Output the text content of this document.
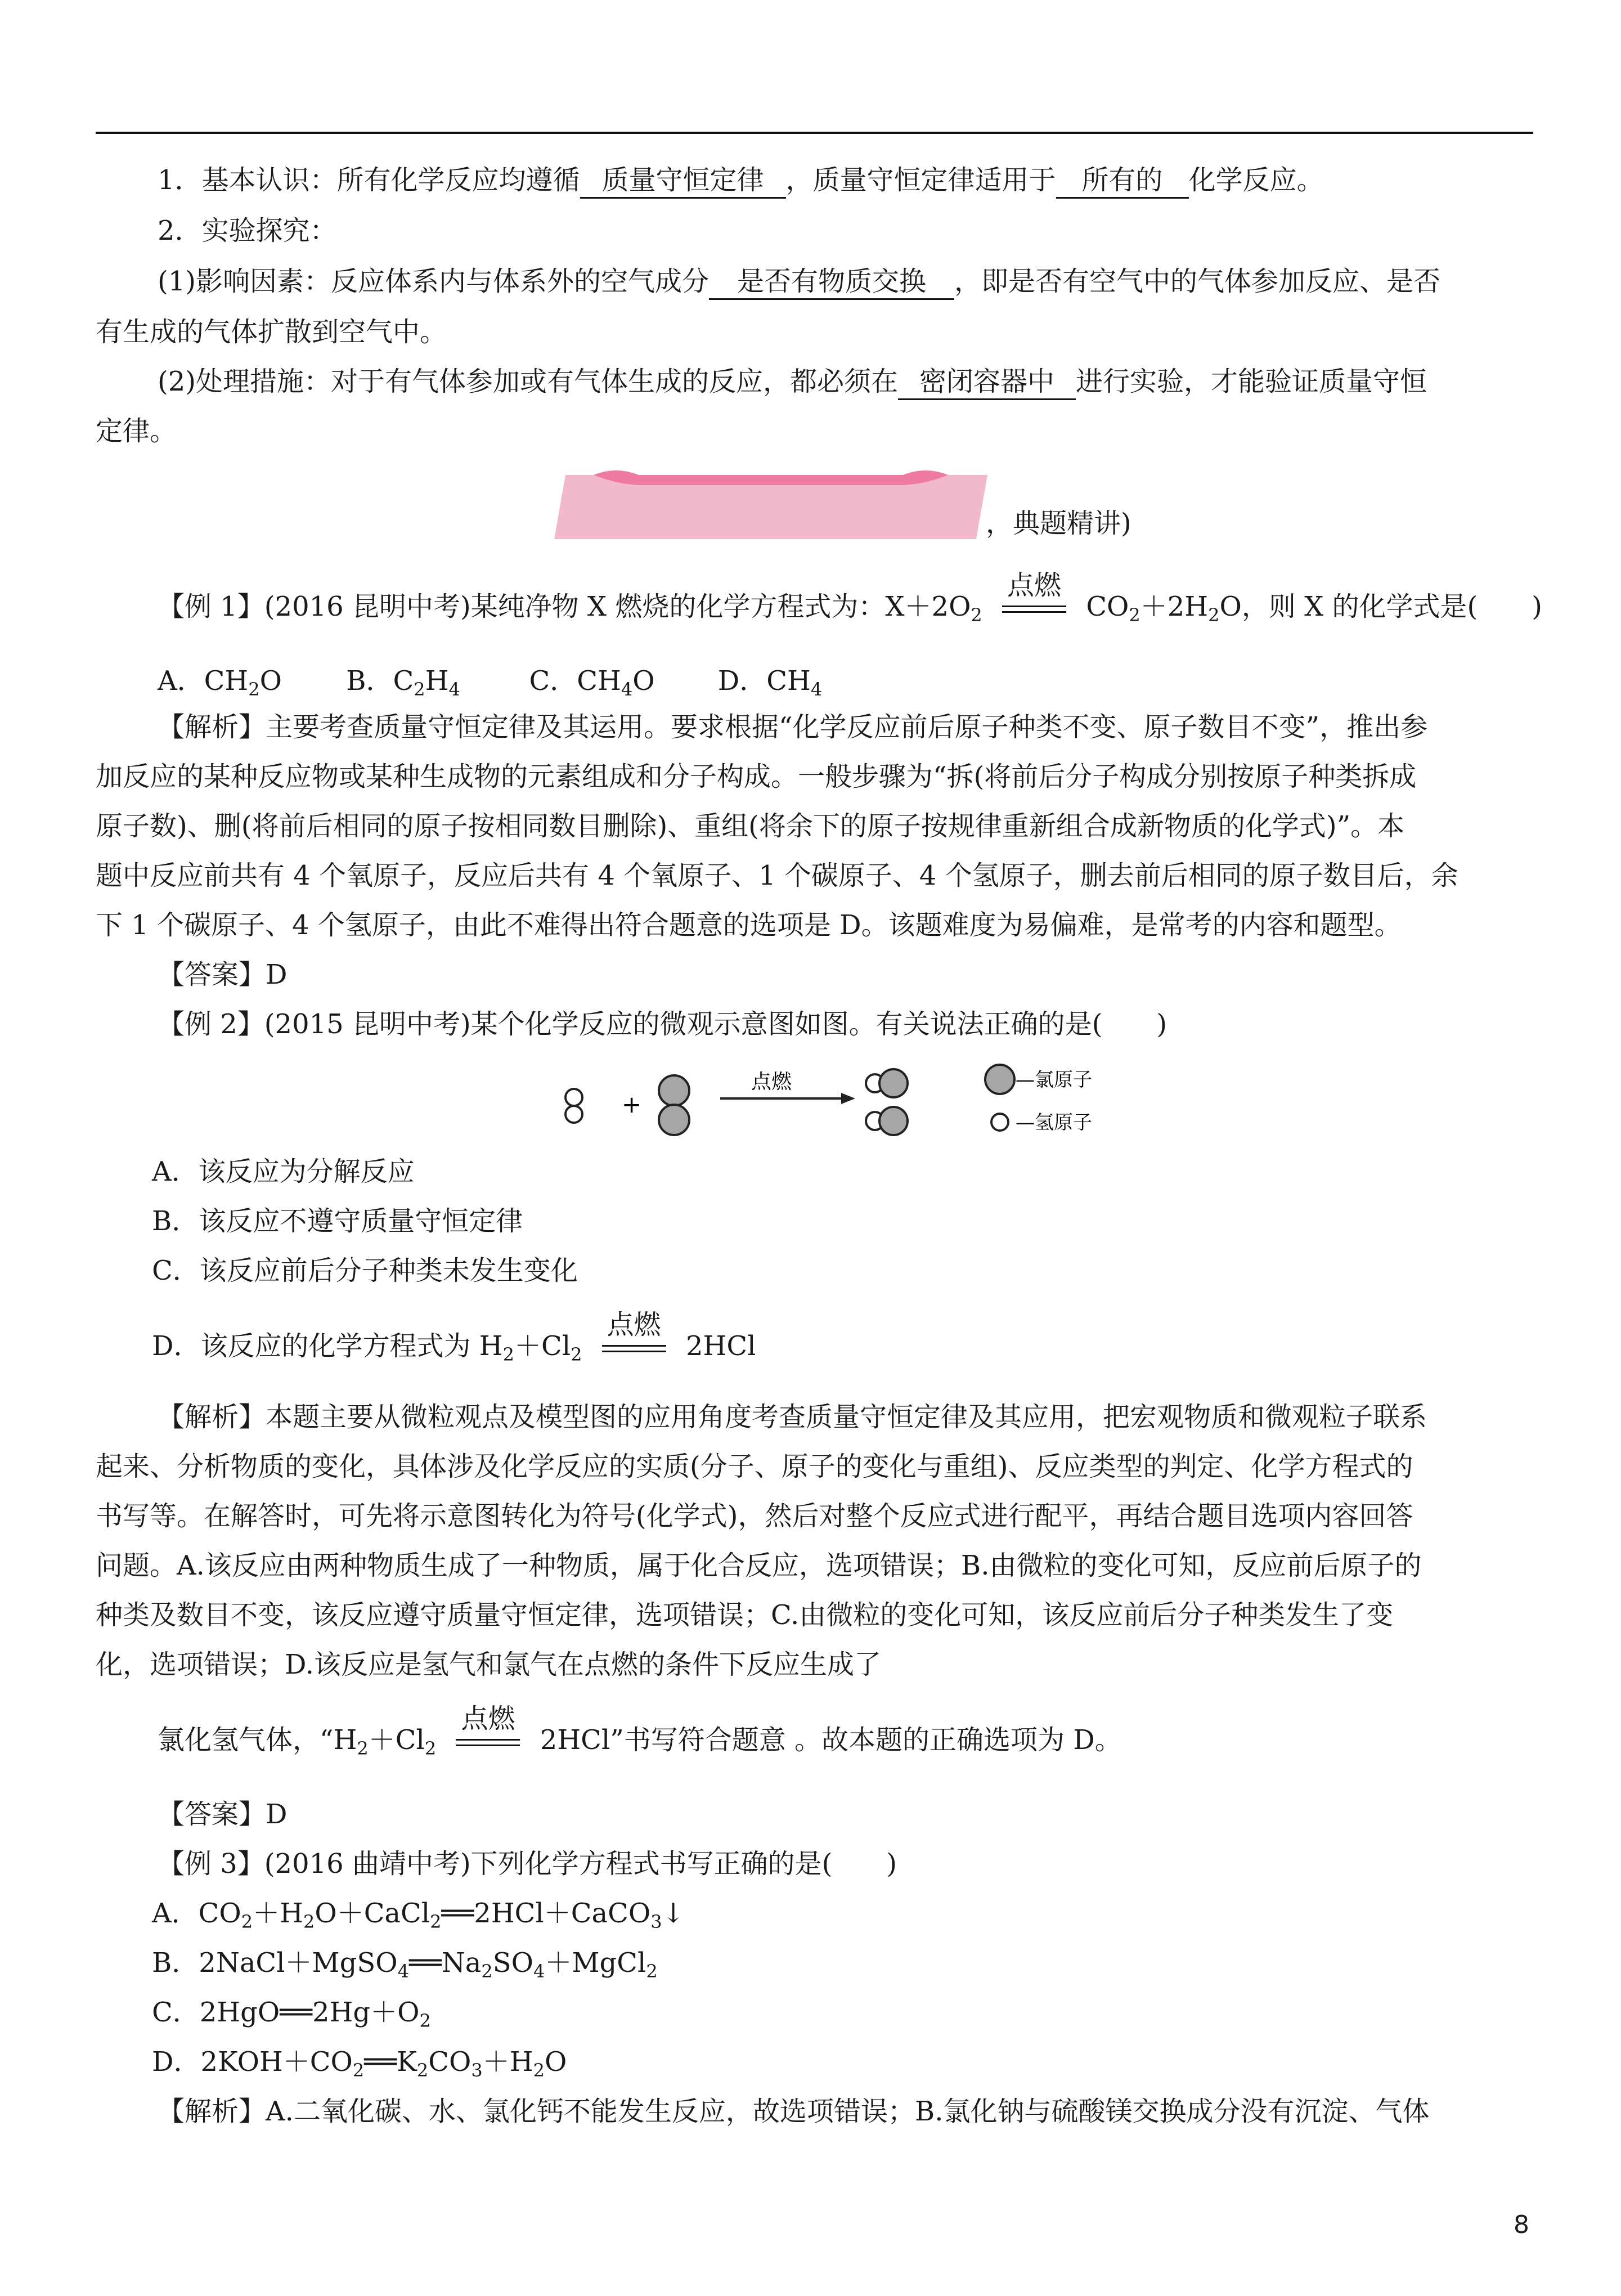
1．基本认识：所有化学反应均遵循 质量守恒定律 ，质量守恒定律适用于 所有的 化学反应。
2．实验探究：
(1)影响因素：反应体系内与体系外的空气成分 是否有物质交换 ，即是否有空气中的气体参加反应、是否
有生成的气体扩散到空气中。
(2)处理措施：对于有气体参加或有气体生成的反应，都必须在 密闭容器中 进行实验，才能验证质量守恒
定律。
，典题精讲)
【例 1】(2016 昆明中考)某纯净物 X 燃烧的化学方程式为：$X+2O_2$
点燃
$CO_2+2H_2O$，则 X 的化学式是(　　)
A．$CH_2O$ B．$C_2H_4$	C．$CH_4O$ D．$CH_4$
【解析】主要考查质量守恒定律及其运用。要求根据“化学反应前后原子种类不变、原子数目不变”，推出参
加反应的某种反应物或某种生成物的元素组成和分子构成。一般步骤为“拆(将前后分子构成分别按原子种类拆成
原子数)、删(将前后相同的原子按相同数目删除)、重组(将余下的原子按规律重新组合成新物质的化学式)”。本
题中反应前共有 4 个氧原子，反应后共有 4 个氧原子、1 个碳原子、4 个氢原子，删去前后相同的原子数目后，余
下 1 个碳原子、4 个氢原子，由此不难得出符合题意的选项是 D。该题难度为易偏难，是常考的内容和题型。
【答案】D
【例 2】(2015 昆明中考)某个化学反应的微观示意图如图。有关说法正确的是(　　)
+
点燃	—氯原子
—氢原子
A．该反应为分解反应
B．该反应不遵守质量守恒定律
C．该反应前后分子种类未发生变化
D．该反应的化学方程式为 $H_2+Cl_2$
点燃
2HCl
【解析】本题主要从微粒观点及模型图的应用角度考查质量守恒定律及其应用，把宏观物质和微观粒子联系
起来、分析物质的变化，具体涉及化学反应的实质(分子、原子的变化与重组)、反应类型的判定、化学方程式的
书写等。在解答时，可先将示意图转化为符号(化学式)，然后对整个反应式进行配平，再结合题目选项内容回答
问题。A.该反应由两种物质生成了一种物质，属于化合反应，选项错误；B.由微粒的变化可知，反应前后原子的
种类及数目不变，该反应遵守质量守恒定律，选项错误；C.由微粒的变化可知，该反应前后分子种类发生了变
化，选项错误；D.该反应是氢气和氯气在点燃的条件下反应生成了
氯化氢气体，“$H_2+Cl_2$
点燃
2HCl”书写符合题意 。故本题的正确选项为 D。
【答案】D
【例 3】(2016 曲靖中考)下列化学方程式书写正确的是(　　)
A．$CO_2+H_2O+CaCl_2══2HCl+CaCO_3↓$
B．$2NaCl+MgSO_4══Na_2SO_4+MgCl_2$
C．$2HgO══2Hg+O_2$
D．$2KOH+CO_2══K_2CO_3+H_2O$
【解析】A.二氧化碳、水、氯化钙不能发生反应，故选项错误；B.氯化钠与硫酸镁交换成分没有沉淀、气体
8
